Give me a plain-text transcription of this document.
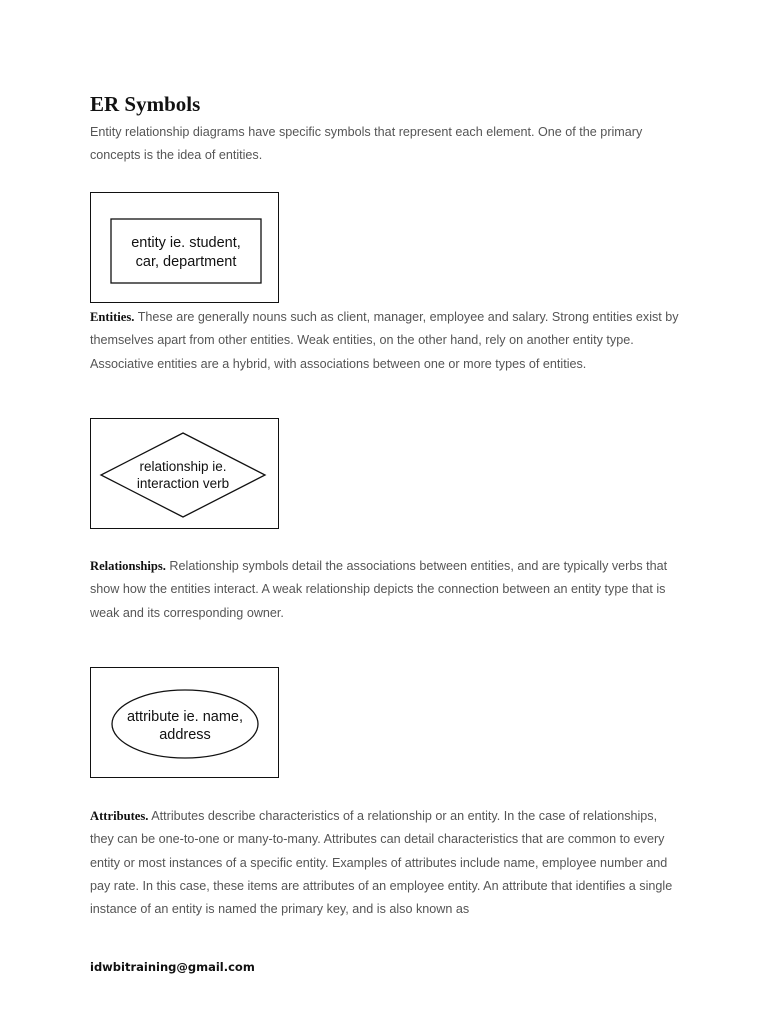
ER Symbols

Entity relationship diagrams have specific symbols that represent each element. One of the primary concepts is the idea of entities.

entity ie. student,
car, department

Entities. These are generally nouns such as client, manager, employee and salary. Strong entities exist by themselves apart from other entities. Weak entities, on the other hand, rely on another entity type. Associative entities are a hybrid, with associations between one or more types of entities.

relationship ie.
interaction verb

Relationships. Relationship symbols detail the associations between entities, and are typically verbs that show how the entities interact. A weak relationship depicts the connection between an entity type that is weak and its corresponding owner.

attribute ie. name,
address

Attributes. Attributes describe characteristics of a relationship or an entity. In the case of relationships, they can be one-to-one or many-to-many. Attributes can detail characteristics that are common to every entity or most instances of a specific entity. Examples of attributes include name, employee number and pay rate. In this case, these items are attributes of an employee entity. An attribute that identifies a single instance of an entity is named the primary key, and is also known as

idwbitraining@gmail.com
